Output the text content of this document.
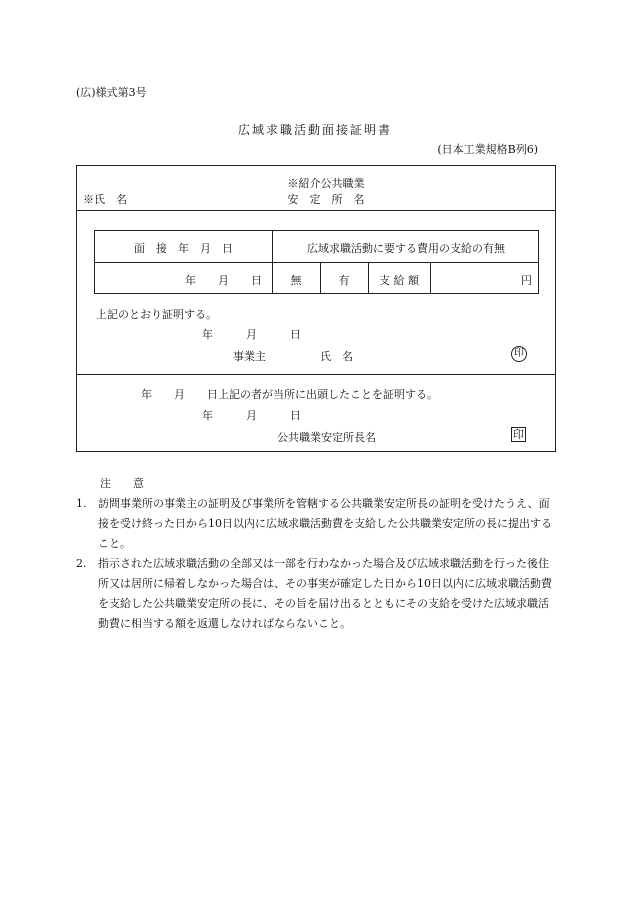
(広)様式第3号
広域求職活動面接証明書
(日本工業規格B列6)
※氏　名
※紹介公共職業
安　定　所　名
面　接　年　月　日	広域求職活動に要する費用の支給の有無
年　　月　　日	無	有	支 給 額	円
上記のとおり証明する。
年　　　月　　　日
事業主	氏　名	印
年　　月　　日上記の者が当所に出頭したことを証明する。
年　　　月　　　日
公共職業安定所長名	印
注　　意
1. 訪問事業所の事業主の証明及び事業所を管轄する公共職業安定所長の証明を受けたうえ、面接を受け終った日から10日以内に広域求職活動費を支給した公共職業安定所の長に提出すること。
2. 指示された広域求職活動の全部又は一部を行わなかった場合及び広域求職活動を行った後住所又は居所に帰着しなかった場合は、その事実が確定した日から10日以内に広域求職活動費を支給した公共職業安定所の長に、その旨を届け出るとともにその支給を受けた広域求職活動費に相当する額を返還しなければならないこと。
